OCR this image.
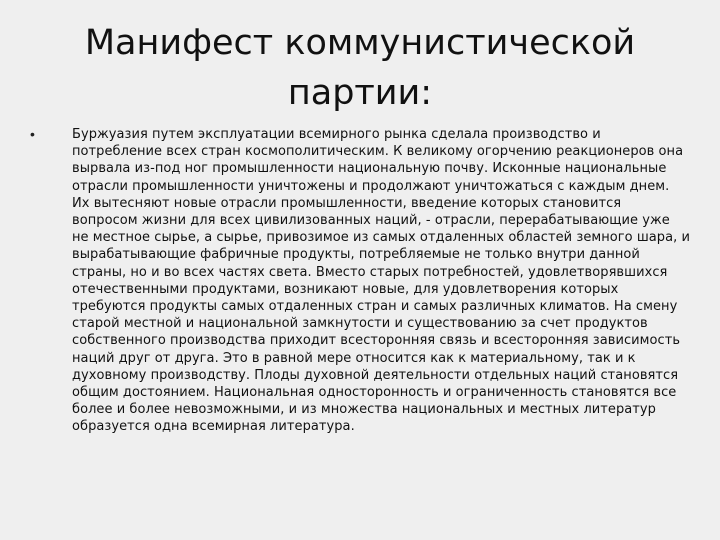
Манифест коммунистической партии:
•	Буржуазия путем эксплуатации всемирного рынка сделала производство и потребление всех стран космополитическим. К великому огорчению реакционеров она вырвала из-под ног промышленности национальную почву. Исконные национальные отрасли промышленности уничтожены и продолжают уничтожаться с каждым днем. Их вытесняют новые отрасли промышленности, введение которых становится вопросом жизни для всех цивилизованных наций, - отрасли, перерабатывающие уже не местное сырье, а сырье, привозимое из самых отдаленных областей земного шара, и вырабатывающие фабричные продукты, потребляемые не только внутри данной страны, но и во всех частях света. Вместо старых потребностей, удовлетворявшихся отечественными продуктами, возникают новые, для удовлетворения которых требуются продукты самых отдаленных стран и самых различных климатов. На смену старой местной и национальной замкнутости и существованию за счет продуктов собственного производства приходит всесторонняя связь и всесторонняя зависимость наций друг от друга. Это в равной мере относится как к материальному, так и к духовному производству. Плоды духовной деятельности отдельных наций становятся общим достоянием. Национальная односторонность и ограниченность становятся все более и более невозможными, и из множества национальных и местных литератур образуется одна всемирная литература.
